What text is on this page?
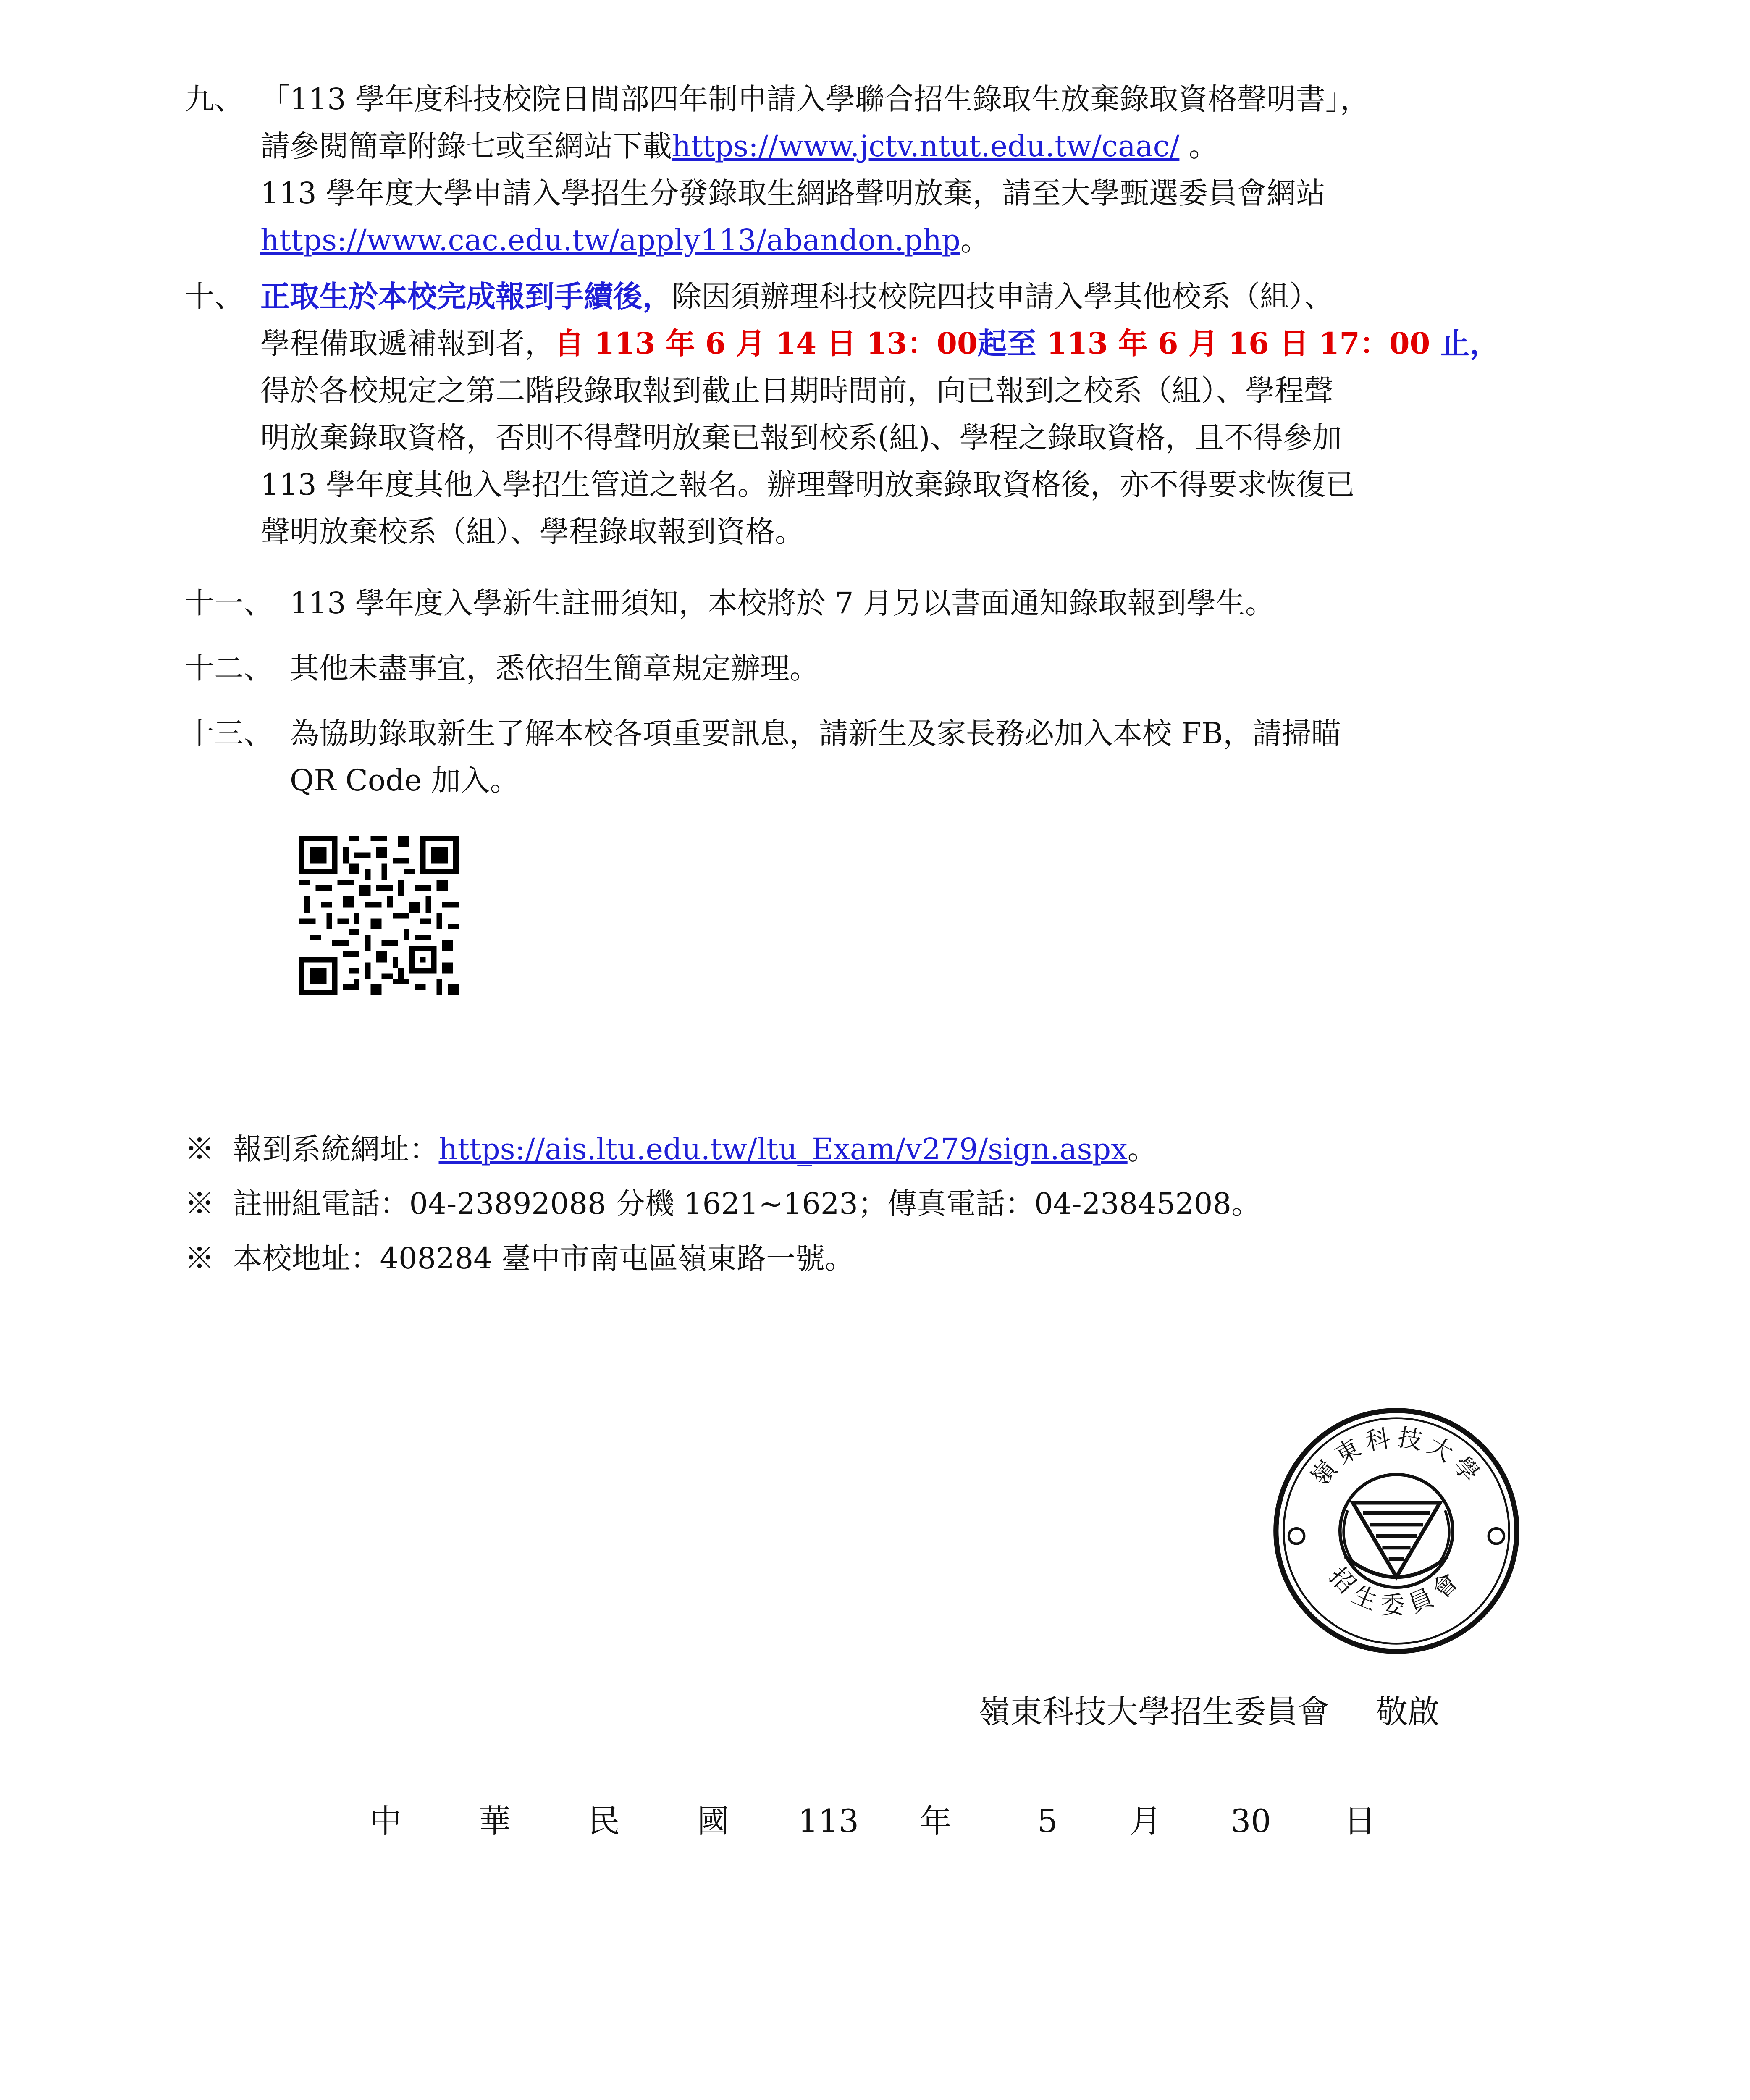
九、 「113 學年度科技校院日間部四年制申請入學聯合招生錄取生放棄錄取資格聲明書」，
請參閱簡章附錄七或至網站下載https://www.jctv.ntut.edu.tw/caac/ 。
113 學年度大學申請入學招生分發錄取生網路聲明放棄，請至大學甄選委員會網站
https://www.cac.edu.tw/apply113/abandon.php。
十、 正取生於本校完成報到手續後，除因須辦理科技校院四技申請入學其他校系（組）、
學程備取遞補報到者，自 113 年 6 月 14 日 13：00起至 113 年 6 月 16 日 17：00 止，
得於各校規定之第二階段錄取報到截止日期時間前，向已報到之校系（組）、學程聲
明放棄錄取資格，否則不得聲明放棄已報到校系(組)、學程之錄取資格，且不得參加
113 學年度其他入學招生管道之報名。辦理聲明放棄錄取資格後，亦不得要求恢復已
聲明放棄校系（組）、學程錄取報到資格。
十一、 113 學年度入學新生註冊須知，本校將於 7 月另以書面通知錄取報到學生。
十二、 其他未盡事宜，悉依招生簡章規定辦理。
十三、 為協助錄取新生了解本校各項重要訊息，請新生及家長務必加入本校 FB，請掃瞄
QR Code 加入。
※ 報到系統網址：https://ais.ltu.edu.tw/ltu_Exam/v279/sign.aspx。
※ 註冊組電話：04-23892088 分機 1621~1623；傳真電話：04-23845208。
※ 本校地址：408284 臺中市南屯區嶺東路一號。
嶺東科技大學
招生委員會
嶺東科技大學招生委員會 敬啟
中 華 民 國 113 年	5 月 30 日
